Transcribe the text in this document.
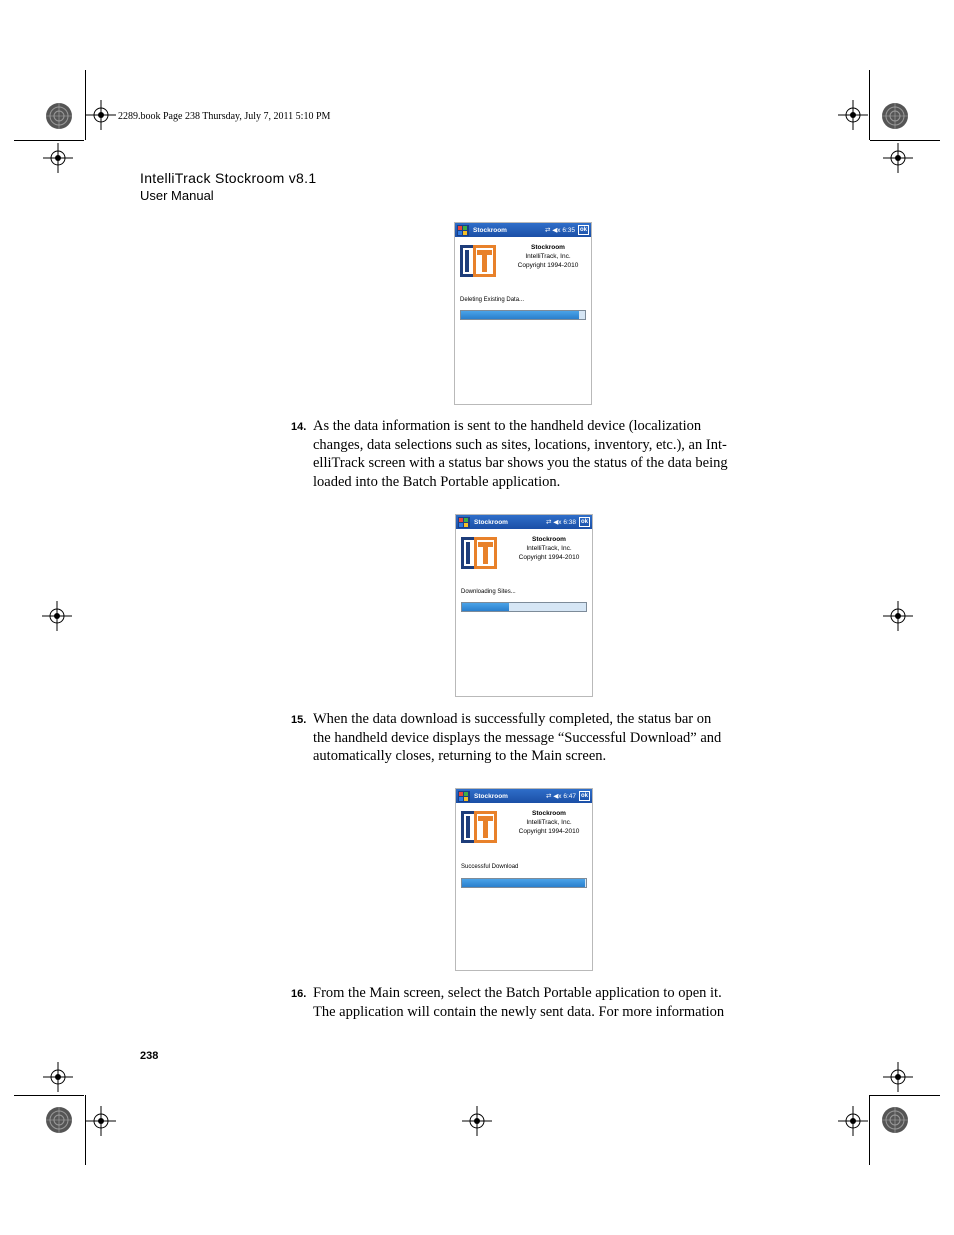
2289.book Page 238 Thursday, July 7, 2011 5:10 PM
IntelliTrack Stockroom v8.1
User Manual
Stockroom	⇄ ◀x 6:35 ok
Stockroom
IntelliTrack, Inc.
Copyright 1994-2010
Deleting Existing Data...
14. As the data information is sent to the handheld device (localization
changes, data selections such as sites, locations, inventory, etc.), an Int-
elliTrack screen with a status bar shows you the status of the data being
loaded into the Batch Portable application.
Stockroom	⇄ ◀x 6:38 ok
Stockroom
IntelliTrack, Inc.
Copyright 1994-2010
Downloading Sites...
15. When the data download is successfully completed, the status bar on
the handheld device displays the message “Successful Download” and
automatically closes, returning to the Main screen.
Stockroom	⇄ ◀x 6:47 ok
Stockroom
IntelliTrack, Inc.
Copyright 1994-2010
Successful Download
16. From the Main screen, select the Batch Portable application to open it.
The application will contain the newly sent data. For more information
238
